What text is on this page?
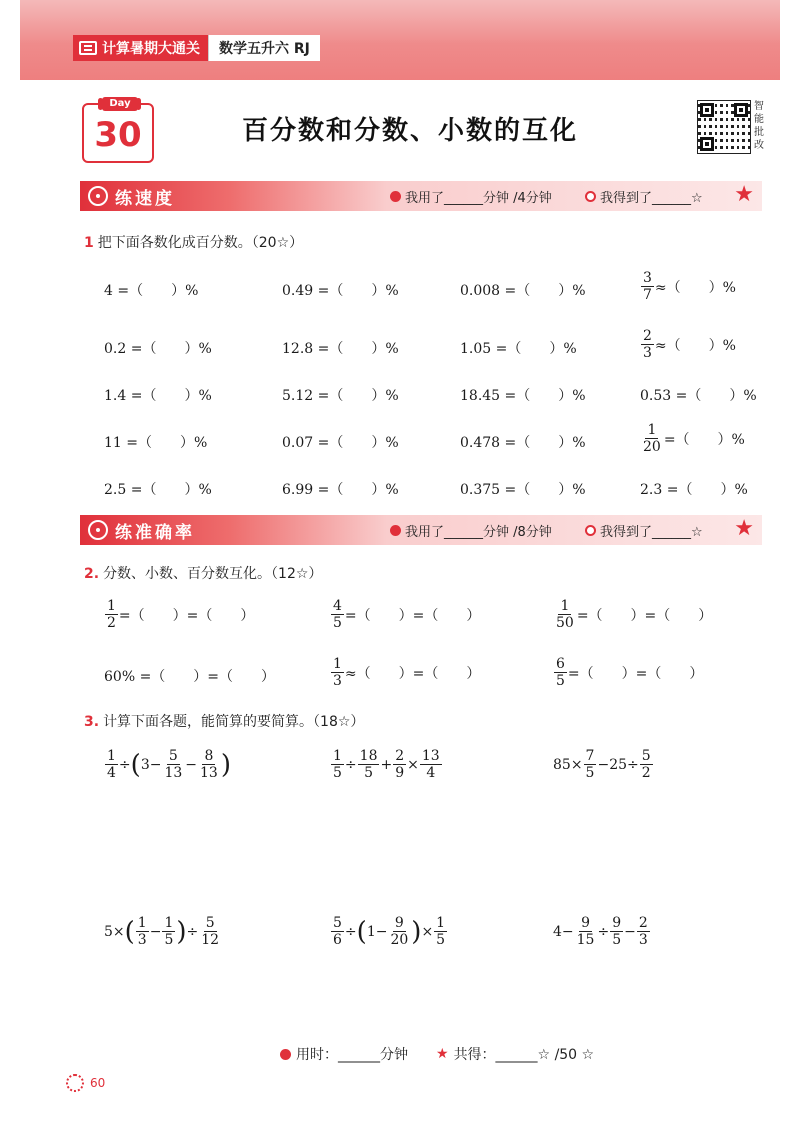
计算暑期大通关	数学五升六 RJ
Day
30	百分数和分数、小数的互化
智能批改
练速度	我用了______分钟 /4分钟	我得到了______☆ ★
1 把下面各数化成百分数。（20☆）
4 =（　　）%	0.49 =（　　）%	0.008 =（　　）%	$\frac{3}{7}$ ≈（　　）%
0.2 =（　　）%	12.8 =（　　）%	1.05 =（　　）%	$\frac{2}{3}$ ≈（　　）%
1.4 =（　　）%	5.12 =（　　）%	18.45 =（　　）%	0.53 =（　　）%
11 =（　　）%	0.07 =（　　）%	0.478 =（　　）%	$\frac{1}{20}$ =（　　）%
2.5 =（　　）%	6.99 =（　　）%	0.375 =（　　）%	2.3 =（　　）%
练准确率	我用了______分钟 /8分钟	我得到了______☆ ★
2. 分数、小数、百分数互化。（12☆）
$\frac{1}{2}$ =（　　）=（　　）	$\frac{4}{5}$ =（　　）=（　　）	$\frac{1}{50}$ =（　　）=（　　）
60% =（　　）=（　　）	$\frac{1}{3}$ ≈（　　）=（　　）	$\frac{6}{5}$ =（　　）=（　　）
3. 计算下面各题，能简算的要简算。（18☆）
$\frac{1}{4}$ ÷ ( $3- \frac{5}{13} - \frac{8}{13}$ )	$\frac{1}{5} \div \frac{18}{5} + \frac{2}{9} \times \frac{13}{4}$	$85\times \frac{7}{5} -25\div \frac{5}{2}$
5× ( $\frac{1}{3} - \frac{1}{5}$ ) ÷ $\frac{5}{12}$	$\frac{5}{6}$ ÷ ( $1- \frac{9}{20}$ ) × $\frac{1}{5}$	$4- \frac{9}{15} \div \frac{9}{5} - \frac{2}{3}$
用时：______分钟 ★ 共得：______☆ /50 ☆
60
